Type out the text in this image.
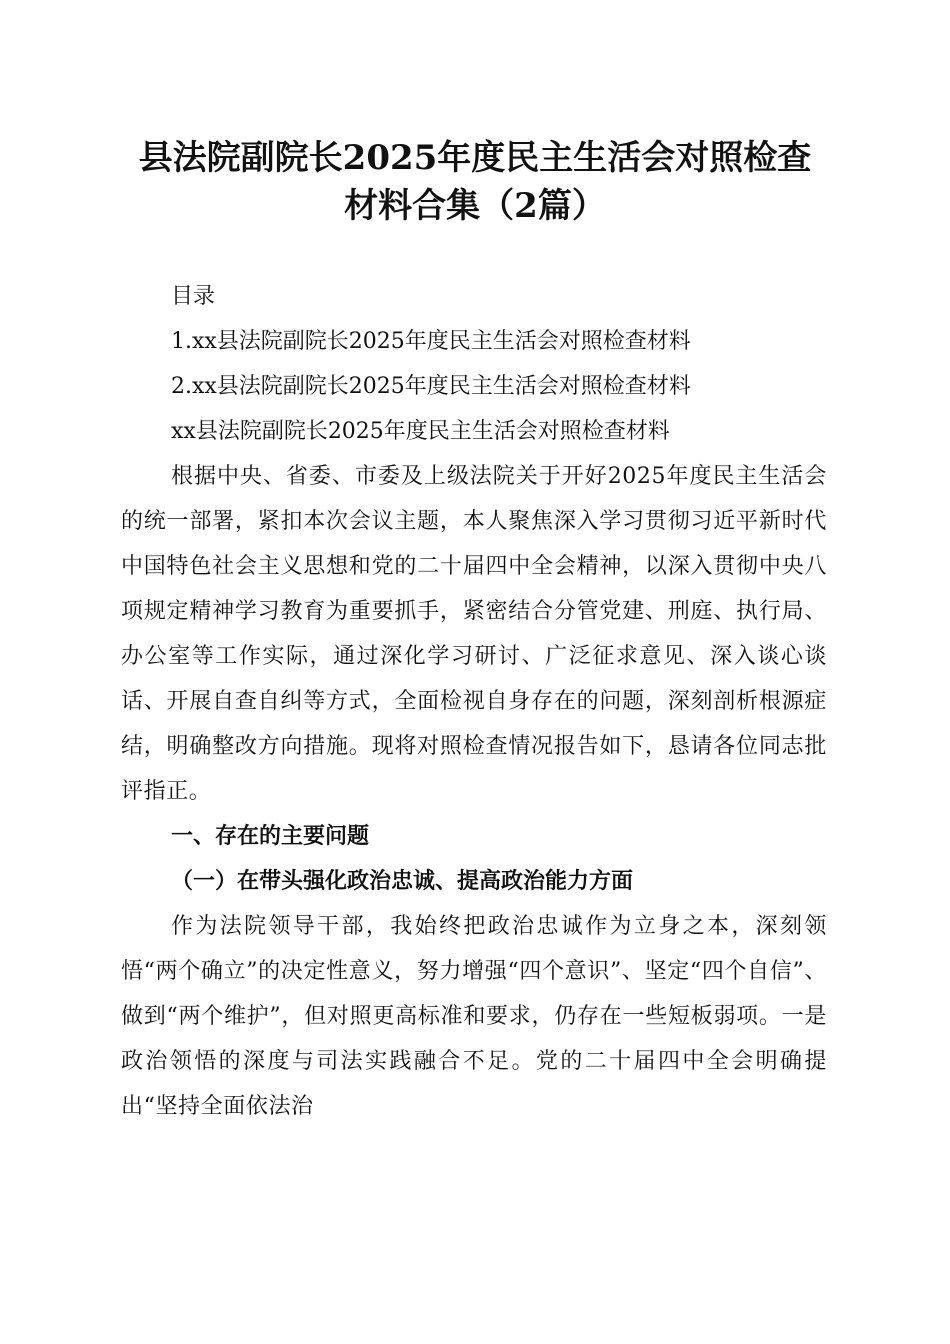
县法院副院长2025年度民主生活会对照检查
材料合集（2篇）

目录

1.xx县法院副院长2025年度民主生活会对照检查材料

2.xx县法院副院长2025年度民主生活会对照检查材料

xx县法院副院长2025年度民主生活会对照检查材料

根据中央、省委、市委及上级法院关于开好2025年度民主生活会的统一部署，紧扣本次会议主题，本人聚焦深入学习贯彻习近平新时代中国特色社会主义思想和党的二十届四中全会精神，以深入贯彻中央八项规定精神学习教育为重要抓手，紧密结合分管党建、刑庭、执行局、办公室等工作实际，通过深化学习研讨、广泛征求意见、深入谈心谈话、开展自查自纠等方式，全面检视自身存在的问题，深刻剖析根源症结，明确整改方向措施。现将对照检查情况报告如下，恳请各位同志批评指正。

一、存在的主要问题

（一）在带头强化政治忠诚、提高政治能力方面

作为法院领导干部，我始终把政治忠诚作为立身之本，深刻领悟“两个确立”的决定性意义，努力增强“四个意识”、坚定“四个自信”、做到“两个维护”，但对照更高标准和要求，仍存在一些短板弱项。一是政治领悟的深度与司法实践融合不足。党的二十届四中全会明确提出“坚持全面依法治
